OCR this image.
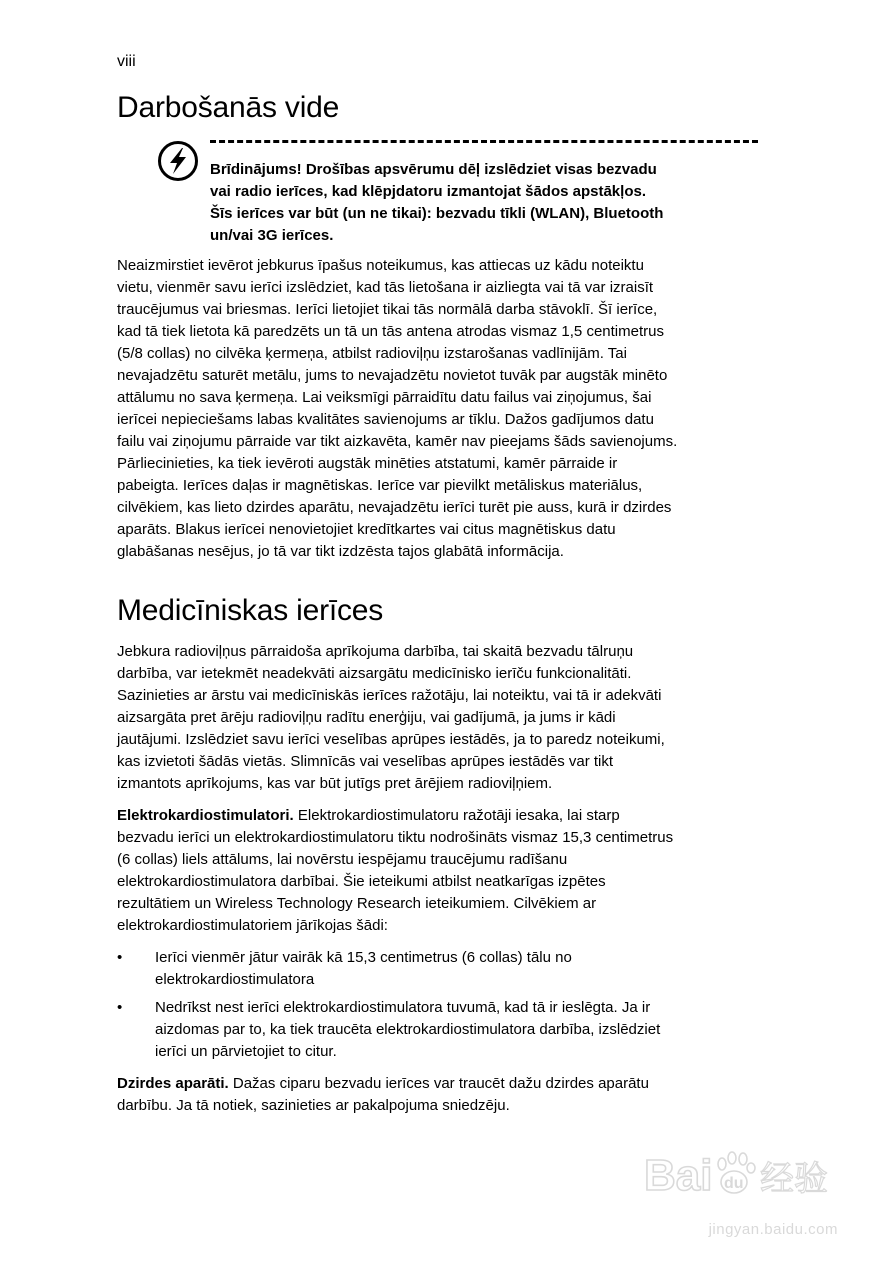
viii
Darbošanās vide
Brīdinājums! Drošības apsvērumu dēļ izslēdziet visas bezvadu
vai radio ierīces, kad klēpjdatoru izmantojat šādos apstākļos.
Šīs ierīces var būt (un ne tikai): bezvadu tīkli (WLAN), Bluetooth
un/vai 3G ierīces.

Neaizmirstiet ievērot jebkurus īpašus noteikumus, kas attiecas uz kādu noteiktu
vietu, vienmēr savu ierīci izslēdziet, kad tās lietošana ir aizliegta vai tā var izraisīt
traucējumus vai briesmas. Ierīci lietojiet tikai tās normālā darba stāvoklī. Šī ierīce,
kad tā tiek lietota kā paredzēts un tā un tās antena atrodas vismaz 1,5 centimetrus
(5/8 collas) no cilvēka ķermeņa, atbilst radioviļņu izstarošanas vadlīnijām. Tai
nevajadzētu saturēt metālu, jums to nevajadzētu novietot tuvāk par augstāk minēto
attālumu no sava ķermeņa. Lai veiksmīgi pārraidītu datu failus vai ziņojumus, šai
ierīcei nepieciešams labas kvalitātes savienojums ar tīklu. Dažos gadījumos datu
failu vai ziņojumu pārraide var tikt aizkavēta, kamēr nav pieejams šāds savienojums.
Pārliecinieties, ka tiek ievēroti augstāk minēties atstatumi, kamēr pārraide ir
pabeigta. Ierīces daļas ir magnētiskas. Ierīce var pievilkt metāliskus materiālus,
cilvēkiem, kas lieto dzirdes aparātu, nevajadzētu ierīci turēt pie auss, kurā ir dzirdes
aparāts. Blakus ierīcei nenovietojiet kredītkartes vai citus magnētiskus datu
glabāšanas nesējus, jo tā var tikt izdzēsta tajos glabātā informācija.

Medicīniskas ierīces

Jebkura radioviļņus pārraidoša aprīkojuma darbība, tai skaitā bezvadu tālruņu
darbība, var ietekmēt neadekvāti aizsargātu medicīnisko ierīču funkcionalitāti.
Sazinieties ar ārstu vai medicīniskās ierīces ražotāju, lai noteiktu, vai tā ir adekvāti
aizsargāta pret ārēju radioviļņu radītu enerģiju, vai gadījumā, ja jums ir kādi
jautājumi. Izslēdziet savu ierīci veselības aprūpes iestādēs, ja to paredz noteikumi,
kas izvietoti šādās vietās. Slimnīcās vai veselības aprūpes iestādēs var tikt
izmantots aprīkojums, kas var būt jutīgs pret ārējiem radioviļņiem.

Elektrokardiostimulatori. Elektrokardiostimulatoru ražotāji iesaka, lai starp
bezvadu ierīci un elektrokardiostimulatoru tiktu nodrošināts vismaz 15,3 centimetrus
(6 collas) liels attālums, lai novērstu iespējamu traucējumu radīšanu
elektrokardiostimulatora darbībai. Šie ieteikumi atbilst neatkarīgas izpētes
rezultātiem un Wireless Technology Research ieteikumiem. Cilvēkiem ar
elektrokardiostimulatoriem jārīkojas šādi:

• Ierīci vienmēr jātur vairāk kā 15,3 centimetrus (6 collas) tālu no
elektrokardiostimulatora
• Nedrīkst nest ierīci elektrokardiostimulatora tuvumā, kad tā ir ieslēgta. Ja ir
aizdomas par to, ka tiek traucēta elektrokardiostimulatora darbība, izslēdziet
ierīci un pārvietojiet to citur.

Dzirdes aparāti. Dažas ciparu bezvadu ierīces var traucēt dažu dzirdes aparātu
darbību. Ja tā notiek, sazinieties ar pakalpojuma sniedzēju.

Bai du 经验
jingyan.baidu.com
